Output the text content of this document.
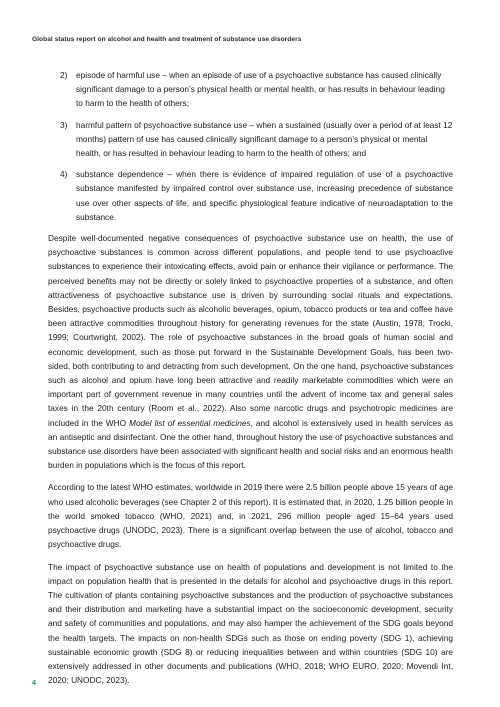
Global status report on alcohol and health and treatment of substance use disorders
2)	episode of harmful use – when an episode of use of a psychoactive substance has caused clinically significant damage to a person’s physical health or mental health, or has results in behaviour leading to harm to the health of others;
3)	harmful pattern of psychoactive substance use – when a sustained (usually over a period of at least 12 months) pattern of use has caused clinically significant damage to a person’s physical or mental health, or has resulted in behaviour leading to harm to the health of others; and
4)	substance dependence – when there is evidence of impaired regulation of use of a psychoactive substance manifested by impaired control over substance use, increasing precedence of substance use over other aspects of life, and specific physiological feature indicative of neuroadaptation to the substance.

Despite well-documented negative consequences of psychoactive substance use on health, the use of psychoactive substances is common across different populations, and people tend to use psychoactive substances to experience their intoxicating effects, avoid pain or enhance their vigilance or performance. The perceived benefits may not be directly or solely linked to psychoactive properties of a substance, and often attractiveness of psychoactive substance use is driven by surrounding social rituals and expectations. Besides, psychoactive products such as alcoholic beverages, opium, tobacco products or tea and coffee have been attractive commodities throughout history for generating revenues for the state (Austin, 1978; Trocki, 1999; Courtwright, 2002). The role of psychoactive substances in the broad goals of human social and economic development, such as those put forward in the Sustainable Development Goals, has been two-sided, both contributing to and detracting from such development. On the one hand, psychoactive substances such as alcohol and opium have long been attractive and readily marketable commodities which were an important part of government revenue in many countries until the advent of income tax and general sales taxes in the 20th century (Room et al., 2022). Also some narcotic drugs and psychotropic medicines are included in the WHO Model list of essential medicines, and alcohol is extensively used in health services as an antiseptic and disinfectant. One the other hand, throughout history the use of psychoactive substances and substance use disorders have been associated with significant health and social risks and an enormous health burden in populations which is the focus of this report.

According to the latest WHO estimates, worldwide in 2019 there were 2.5 billion people above 15 years of age who used alcoholic beverages (see Chapter 2 of this report). It is estimated that, in 2020, 1.25 billion people in the world smoked tobacco (WHO, 2021) and, in 2021, 296 million people aged 15–64 years used psychoactive drugs (UNODC, 2023). There is a significant overlap between the use of alcohol, tobacco and psychoactive drugs.

The impact of psychoactive substance use on health of populations and development is not limited to the impact on population health that is presented in the details for alcohol and psychoactive drugs in this report. The cultivation of plants containing psychoactive substances and the production of psychoactive substances and their distribution and marketing have a substantial impact on the socioeconomic development, security and safety of communities and populations, and may also hamper the achievement of the SDG goals beyond the health targets. The impacts on non-health SDGs such as those on ending poverty (SDG 1), achieving sustainable economic growth (SDG 8) or reducing inequalities between and within countries (SDG 10) are extensively addressed in other documents and publications (WHO, 2018; WHO EURO, 2020; Movendi Int, 2020; UNODC, 2023).

4
